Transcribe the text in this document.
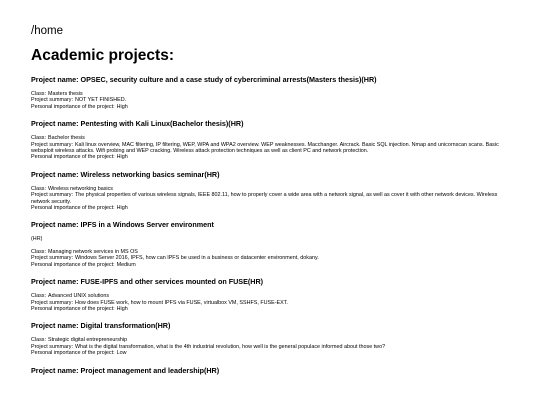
/home
Academic projects:
Project name: OPSEC, security culture and a case study of cybercriminal arrests(Masters thesis)(HR)
Class: Masters thesis
Project summary: NOT YET FINISHED.
Personal importance of the project: High
Project name: Pentesting with Kali Linux(Bachelor thesis)(HR)
Class: Bachelor thesis
Project summary: Kali linux overview, MAC filtering, IP filtering, WEP, WPA and WPA2 overview. WEP weaknesses. Macchanger. Aircrack. Basic SQL injection. Nmap and unicornscan scans. Basic websploit wireless attacks. Wifi probing and WEP cracking. Wireless attack protection techniques as well as client PC and network protection.
Personal importance of the project: High
Project name: Wireless networking basics seminar(HR)
Class: Wireless networking basics
Project summary: The physical properties of various wireless signals, IEEE 802.11, how to properly cover a wide area with a network signal, as well as cover it with other network devices. Wireless network security.
Personal importance of the project: High
Project name: IPFS in a Windows Server environment
(HR)
Class: Managing network services in MS OS
Project summary: Windows Server 2016, IPFS, how can IPFS be used in a business or datacenter environment, dokany.
Personal importance of the project: Medium
Project name: FUSE-IPFS and other services mounted on FUSE(HR)
Class: Advanced UNIX solutions
Project summary: How does FUSE work, how to mount IPFS via FUSE, virtualbox VM, SSHFS, FUSE-EXT.
Personal importance of the project: High
Project name: Digital transformation(HR)
Class: Strategic digital entrepreneurship
Project summary: What is the digital transformation, what is the 4th industrial revolution, how well is the general populace informed about those two?
Personal importance of the project: Low
Project name: Project management and leadership(HR)
